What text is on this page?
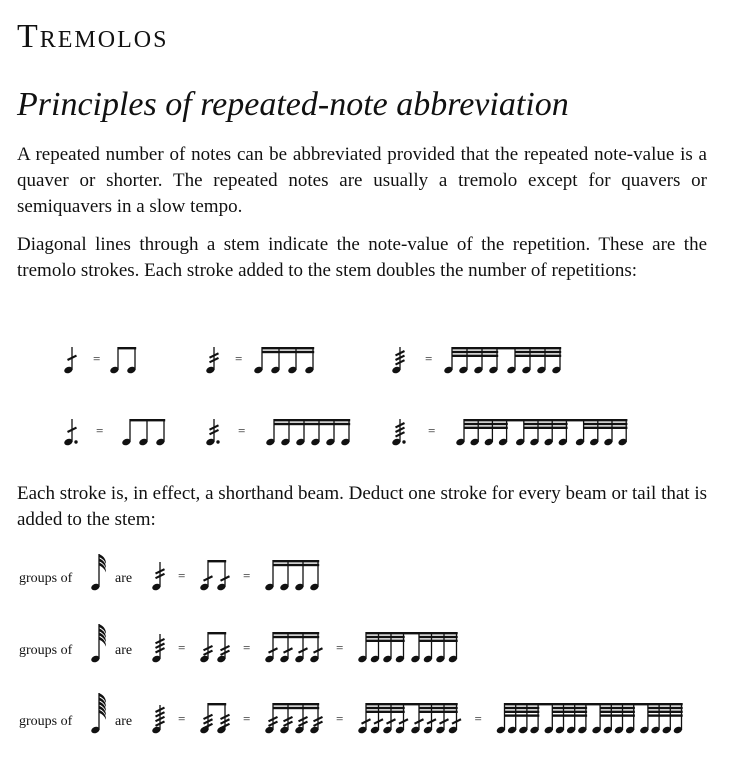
Tremolos
Principles of repeated-note abbreviation
A repeated number of notes can be abbreviated provided that the repeated note-value is a quaver or shorter. The repeated notes are usually a tremolo except for quavers or semiquavers in a slow tempo.
Diagonal lines through a stem indicate the note-value of the repetition. These are the tremolo strokes. Each stroke added to the stem doubles the number of repetitions:
Each stroke is, in effect, a shorthand beam. Deduct one stroke for every beam or tail that is added to the stem:
=	=	=
=	=	=
groups of	are	=	=
groups of	are	=	=	=
groups of	are	=	=	=	=
